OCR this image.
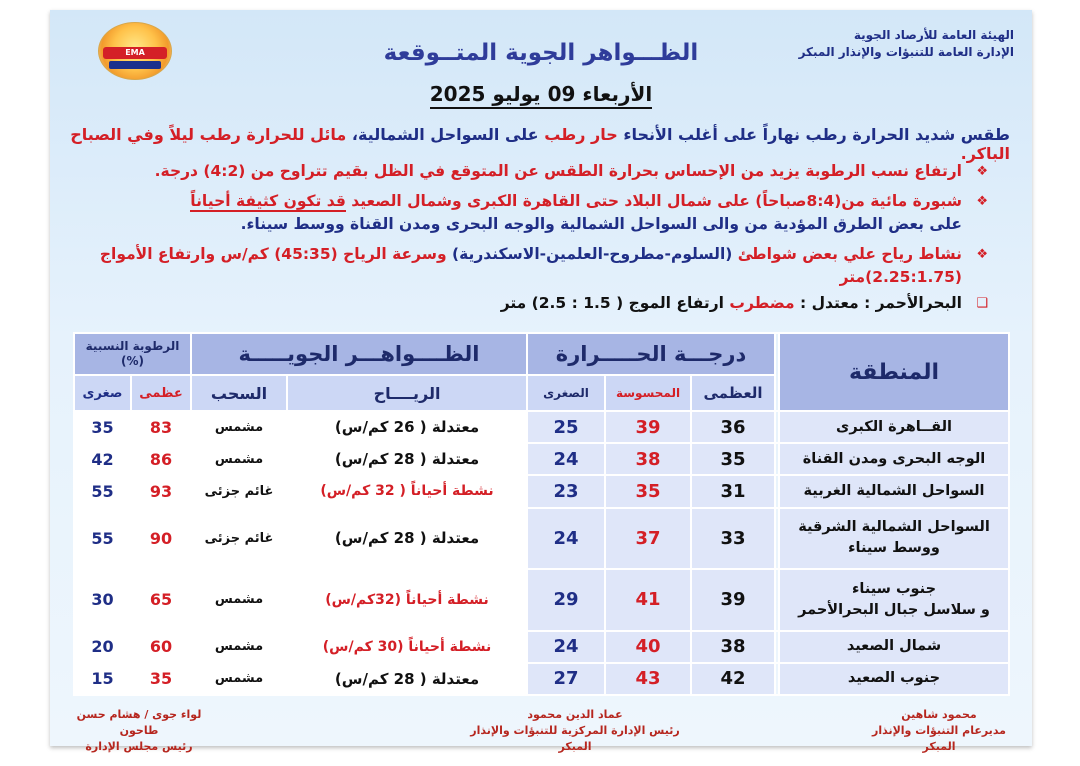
EMA
الهيئة العامة للأرصاد الجوية
الإدارة العامة للتنبؤات والإنذار المبكر
الظـــواهر الجوية المتــوقعة
الأربعاء 09 يوليو 2025
طقس شديد الحرارة رطب نهاراً على أغلب الأنحاء حار رطب على السواحل الشمالية، مائل للحرارة رطب ليلاً وفي الصباح الباكر.
❖
ارتفاع نسب الرطوبة يزيد من الإحساس بحرارة الطقس عن المتوقع في الظل بقيم تتراوح من (4:2) درجة.
❖
شبورة مائية من(8:4صباحاً) على شمال البلاد حتى القاهرة الكبرى وشمال الصعيد قد تكون كثيفة أحياناً
على بعض الطرق المؤدية من والى السواحل الشمالية والوجه البحرى ومدن القناة ووسط سيناء.
❖
نشاط رياح علي بعض شواطئ (السلوم-مطروح-العلمين-الاسكندرية) وسرعة الرياح (45:35) كم/س وارتفاع الأمواج (2.25:1.75)متر
❑
البحرالأحمر : معتدل : مضطرب ارتفاع الموج ( 1.5 : 2.5) متر
المنطقة		درجـــة الحـــــرارة			الظــــواهـــر الجويـــــة		الرطوبة النسبية (%)	
		العظمى	المحسوسة	الصغرى	الريــــاح	السحب	عظمى	صغرى
القــاهرة الكبرى		36	39	25	معتدلة ( 26 كم/س)	مشمس	83	35
الوجه البحرى ومدن القناة		35	38	24	معتدلة ( 28 كم/س)	مشمس	86	42
السواحل الشمالية الغربية		31	35	23	نشطة أحياناً ( 32 كم/س)	غائم جزئى	93	55
السواحل الشمالية الشرقية
ووسط سيناء		33	37	24	معتدلة ( 28 كم/س)	غائم جزئى	90	55
جنوب سيناء
و سلاسل جبال البحرالأحمر		39	41	29	نشطة أحياناً (32كم/س)	مشمس	65	30
شمال الصعيد		38	40	24	نشطة أحياناً (30 كم/س)	مشمس	60	20
جنوب الصعيد		42	43	27	معتدلة ( 28 كم/س)	مشمس	35	15
محمود شاهين
مديرعام التنبؤات والإنذار المبكر
عماد الدين محمود
رئيس الإدارة المركزية للتنبؤات والإنذار المبكر
لواء جوى / هشام حسن طاحون
رئيس مجلس الإدارة
